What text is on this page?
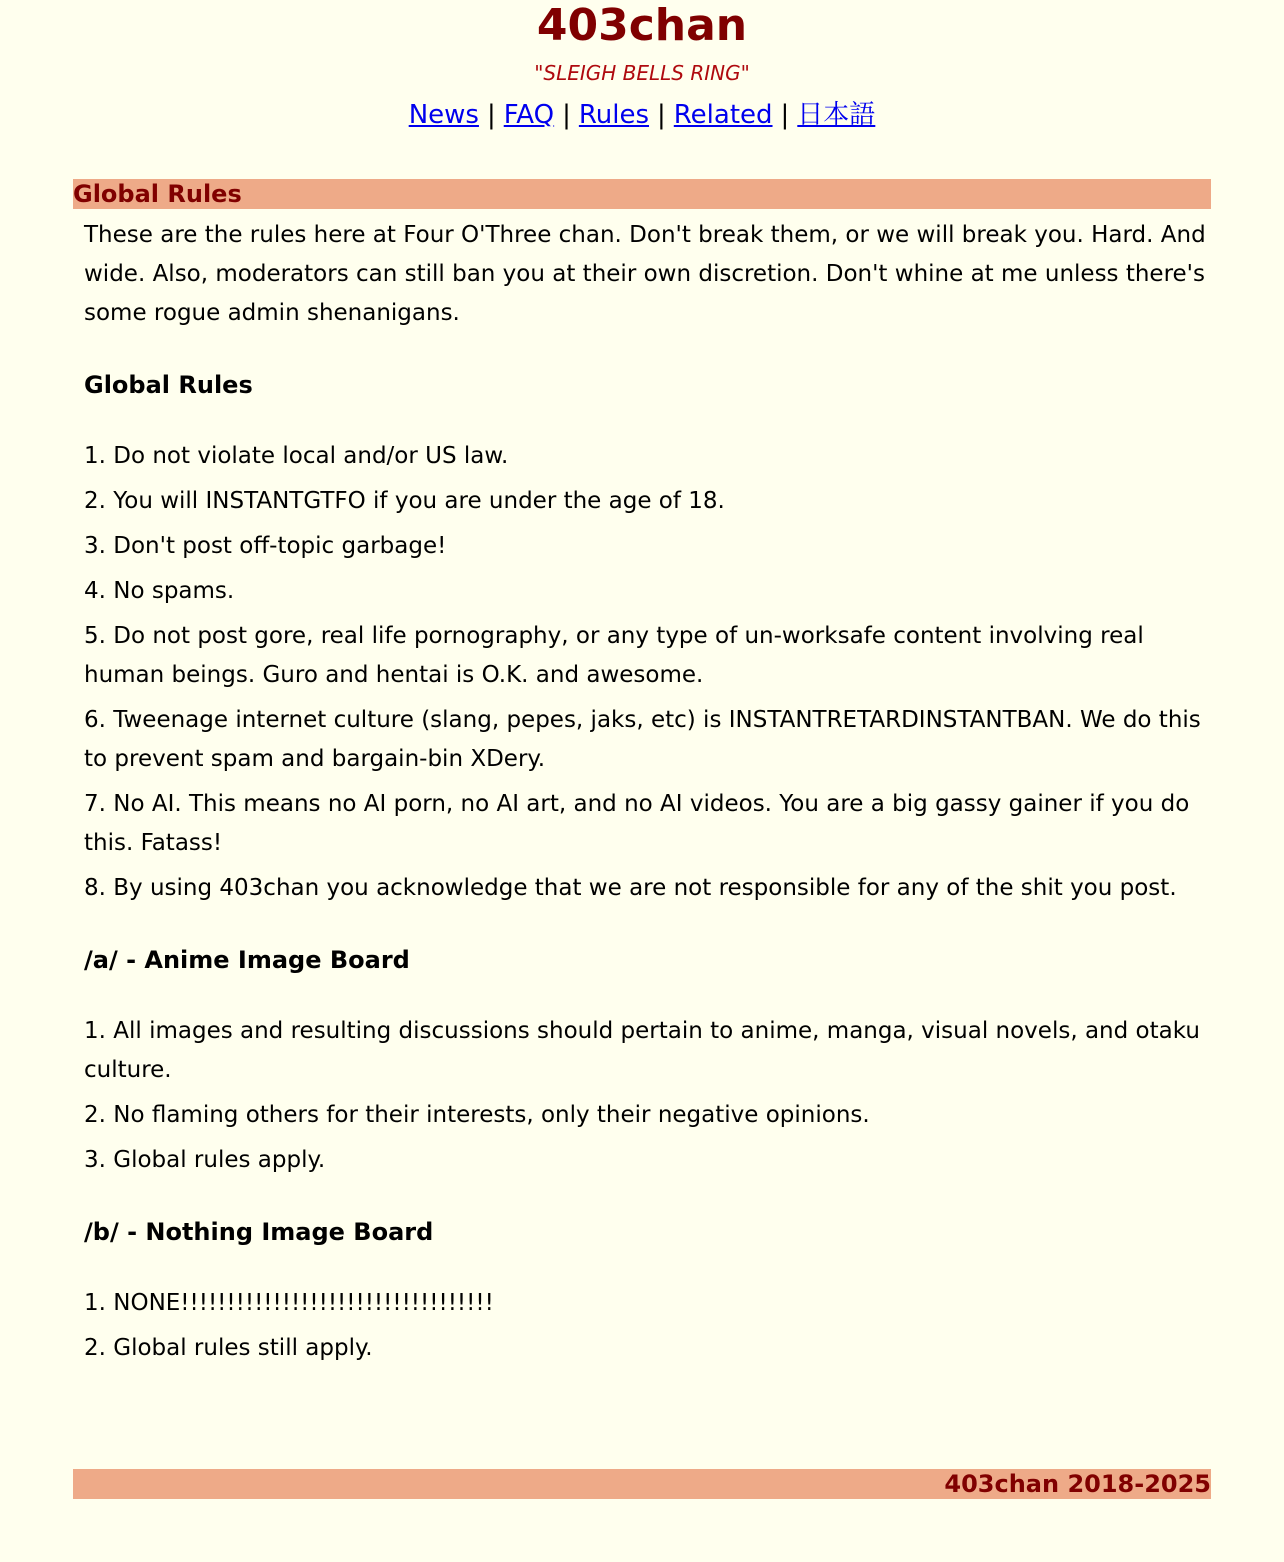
403chan
"SLEIGH BELLS RING"
News | FAQ | Rules | Related | 日本語
Global Rules

These are the rules here at Four O'Three chan. Don't break them, or we will break you. Hard. And wide. Also, moderators can still ban you at their own discretion. Don't whine at me unless there's some rogue admin shenanigans.

Global Rules
1. Do not violate local and/or US law.
2. You will INSTANTGTFO if you are under the age of 18.
3. Don't post off-topic garbage!
4. No spams.
5. Do not post gore, real life pornography, or any type of un-worksafe content involving real human beings. Guro and hentai is O.K. and awesome.
6. Tweenage internet culture (slang, pepes, jaks, etc) is INSTANTRETARDINSTANTBAN. We do this to prevent spam and bargain-bin XDery.
7. No AI. This means no AI porn, no AI art, and no AI videos. You are a big gassy gainer if you do this. Fatass!
8. By using 403chan you acknowledge that we are not responsible for any of the shit you post.
/a/ - Anime Image Board
1. All images and resulting discussions should pertain to anime, manga, visual novels, and otaku culture.
2. No flaming others for their interests, only their negative opinions.
3. Global rules apply.
/b/ - Nothing Image Board
1. NONE!!!!!!!!!!!!!!!!!!!!!!!!!!!!!!!!!!
2. Global rules still apply.
403chan 2018-2025
